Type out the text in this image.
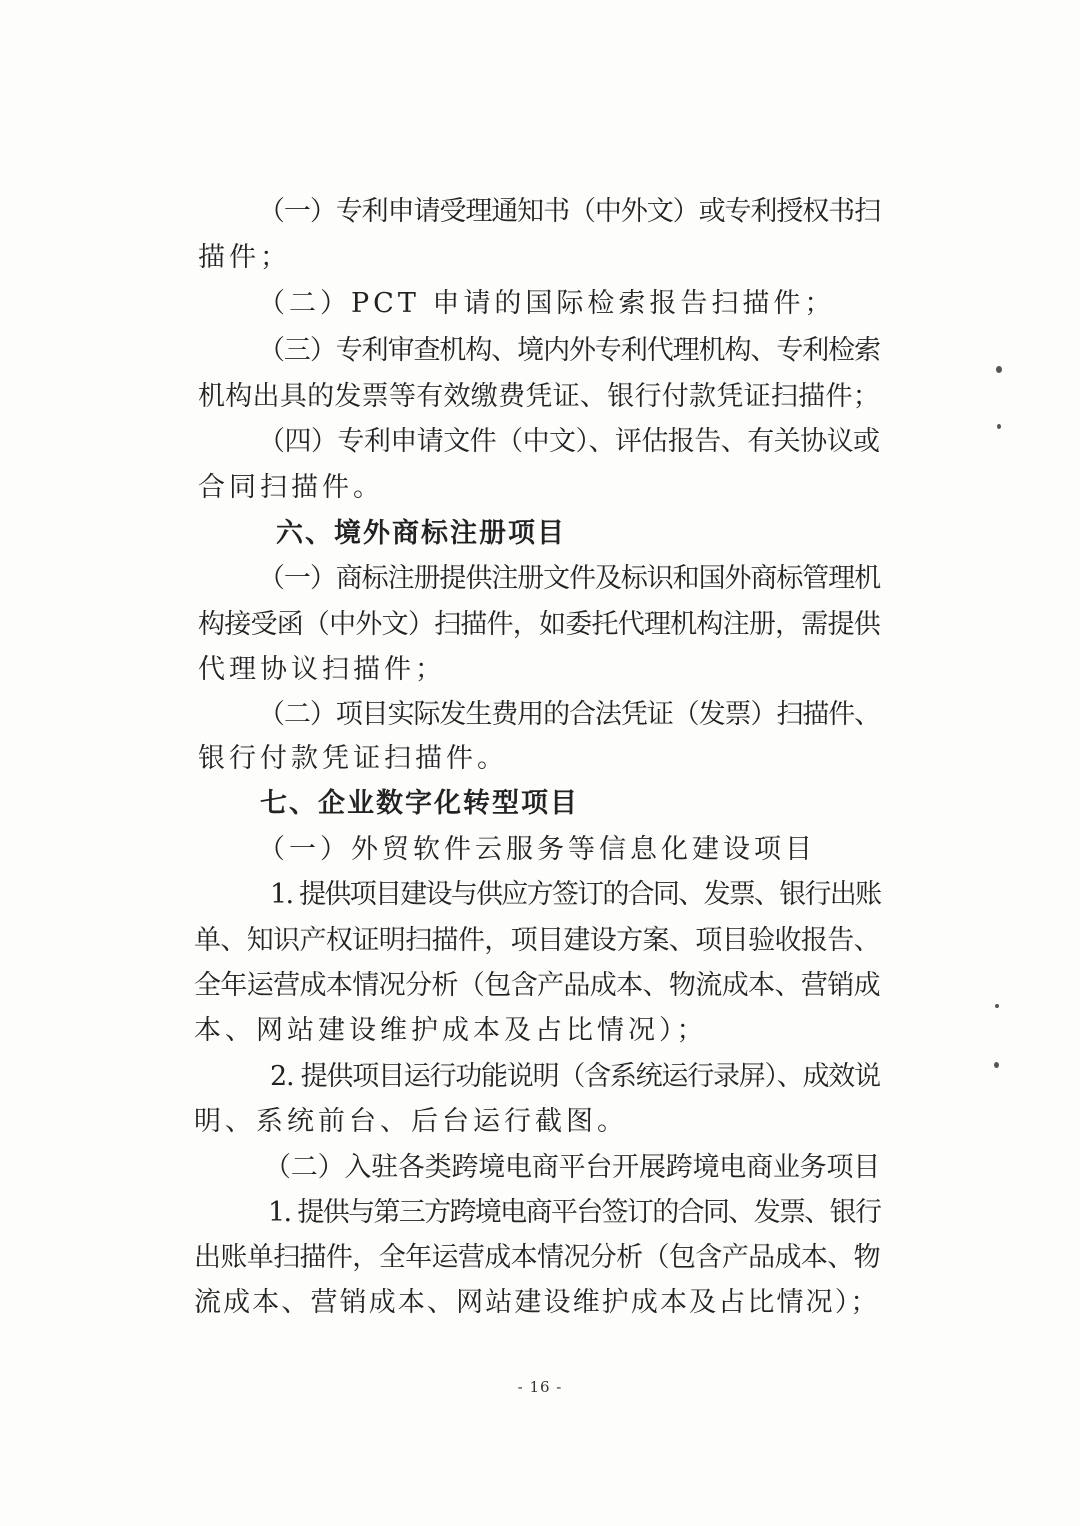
（一）专利申请受理通知书（中外文）或专利授权书扫
描件；
（二）PCT 申请的国际检索报告扫描件；
（三）专利审查机构、境内外专利代理机构、专利检索
机构出具的发票等有效缴费凭证、银行付款凭证扫描件；
（四）专利申请文件（中文）、评估报告、有关协议或
合同扫描件。
六、境外商标注册项目
（一）商标注册提供注册文件及标识和国外商标管理机
构接受函（中外文）扫描件，如委托代理机构注册，需提供
代理协议扫描件；
（二）项目实际发生费用的合法凭证（发票）扫描件、
银行付款凭证扫描件。
七、企业数字化转型项目
（一）外贸软件云服务等信息化建设项目
1. 提供项目建设与供应方签订的合同、发票、银行出账
单、知识产权证明扫描件，项目建设方案、项目验收报告、
全年运营成本情况分析（包含产品成本、物流成本、营销成
本、网站建设维护成本及占比情况）；
2. 提供项目运行功能说明（含系统运行录屏）、成效说
明、系统前台、后台运行截图。
（二）入驻各类跨境电商平台开展跨境电商业务项目
1. 提供与第三方跨境电商平台签订的合同、发票、银行
出账单扫描件，全年运营成本情况分析（包含产品成本、物
流成本、营销成本、网站建设维护成本及占比情况）；
- 16 -
